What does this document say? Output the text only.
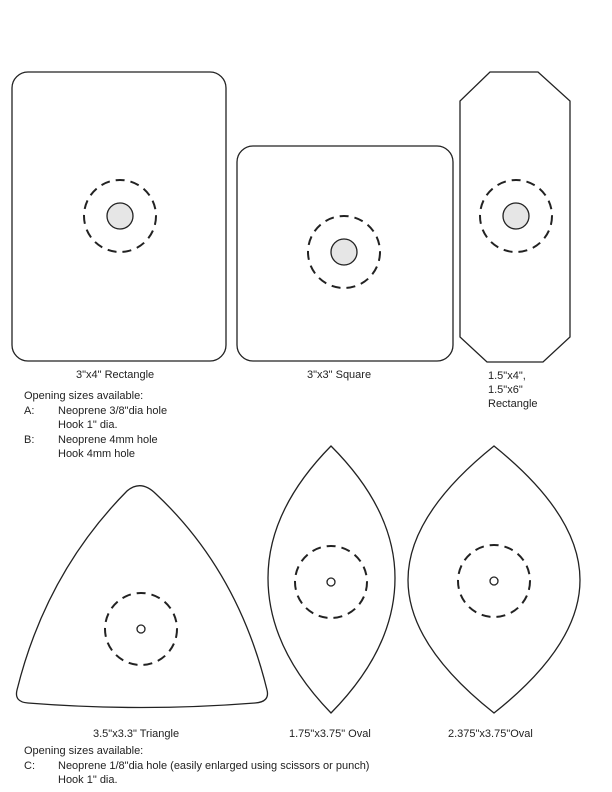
3"x4" Rectangle	3"x3" Square	1.5"x4",
1.5"x6"
Rectangle
3.5"x3.3" Triangle	1.75"x3.75" Oval	2.375"x3.75"Oval
Opening sizes available:
A:	Neoprene 3/8"dia hole
Hook 1" dia.
B:	Neoprene 4mm hole
Hook 4mm hole
Opening sizes available:
C:	Neoprene 1/8"dia hole (easily enlarged using scissors or punch)
Hook 1" dia.
